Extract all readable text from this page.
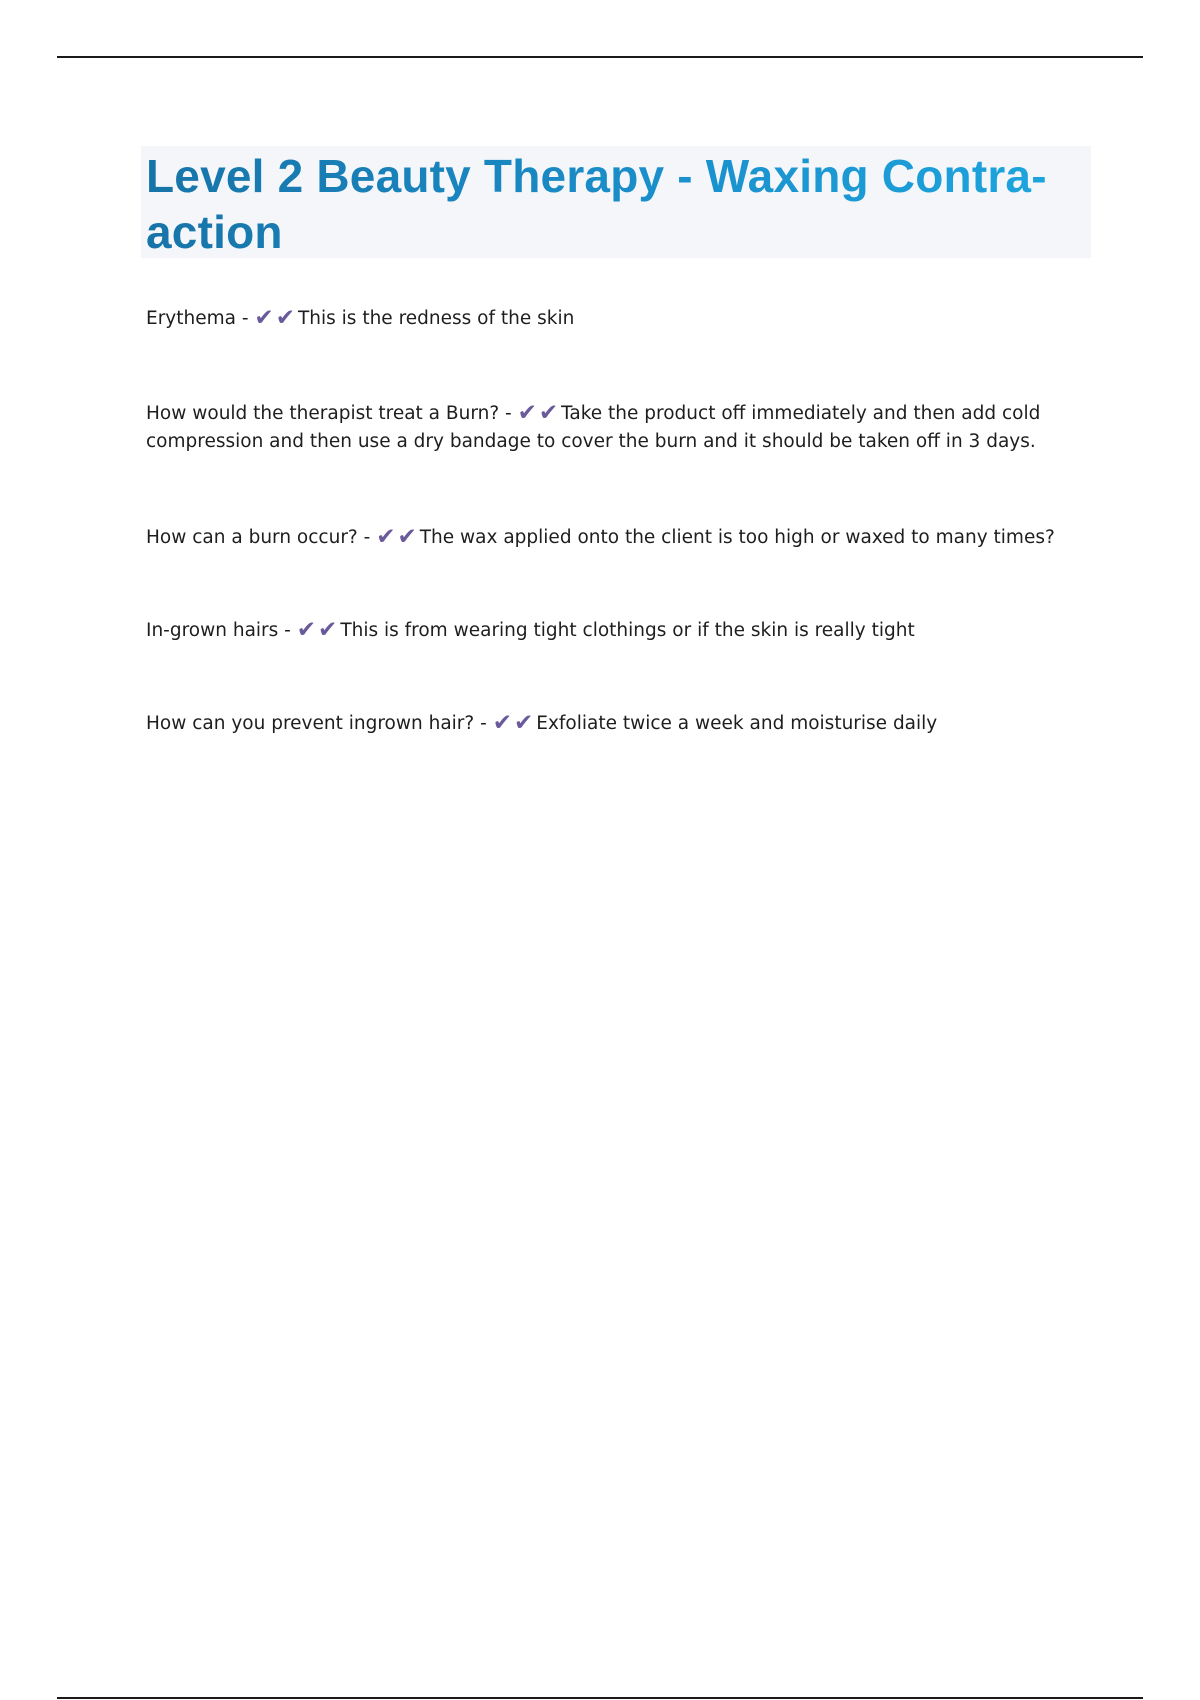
Level 2 Beauty Therapy - Waxing Contra-action

Erythema - ✔✔ This is the redness of the skin

How would the therapist treat a Burn? - ✔✔ Take the product off immediately and then add cold compression and then use a dry bandage to cover the burn and it should be taken off in 3 days.

How can a burn occur? - ✔✔ The wax applied onto the client is too high or waxed to many times?

In-grown hairs - ✔✔ This is from wearing tight clothings or if the skin is really tight

How can you prevent ingrown hair? - ✔✔ Exfoliate twice a week and moisturise daily
